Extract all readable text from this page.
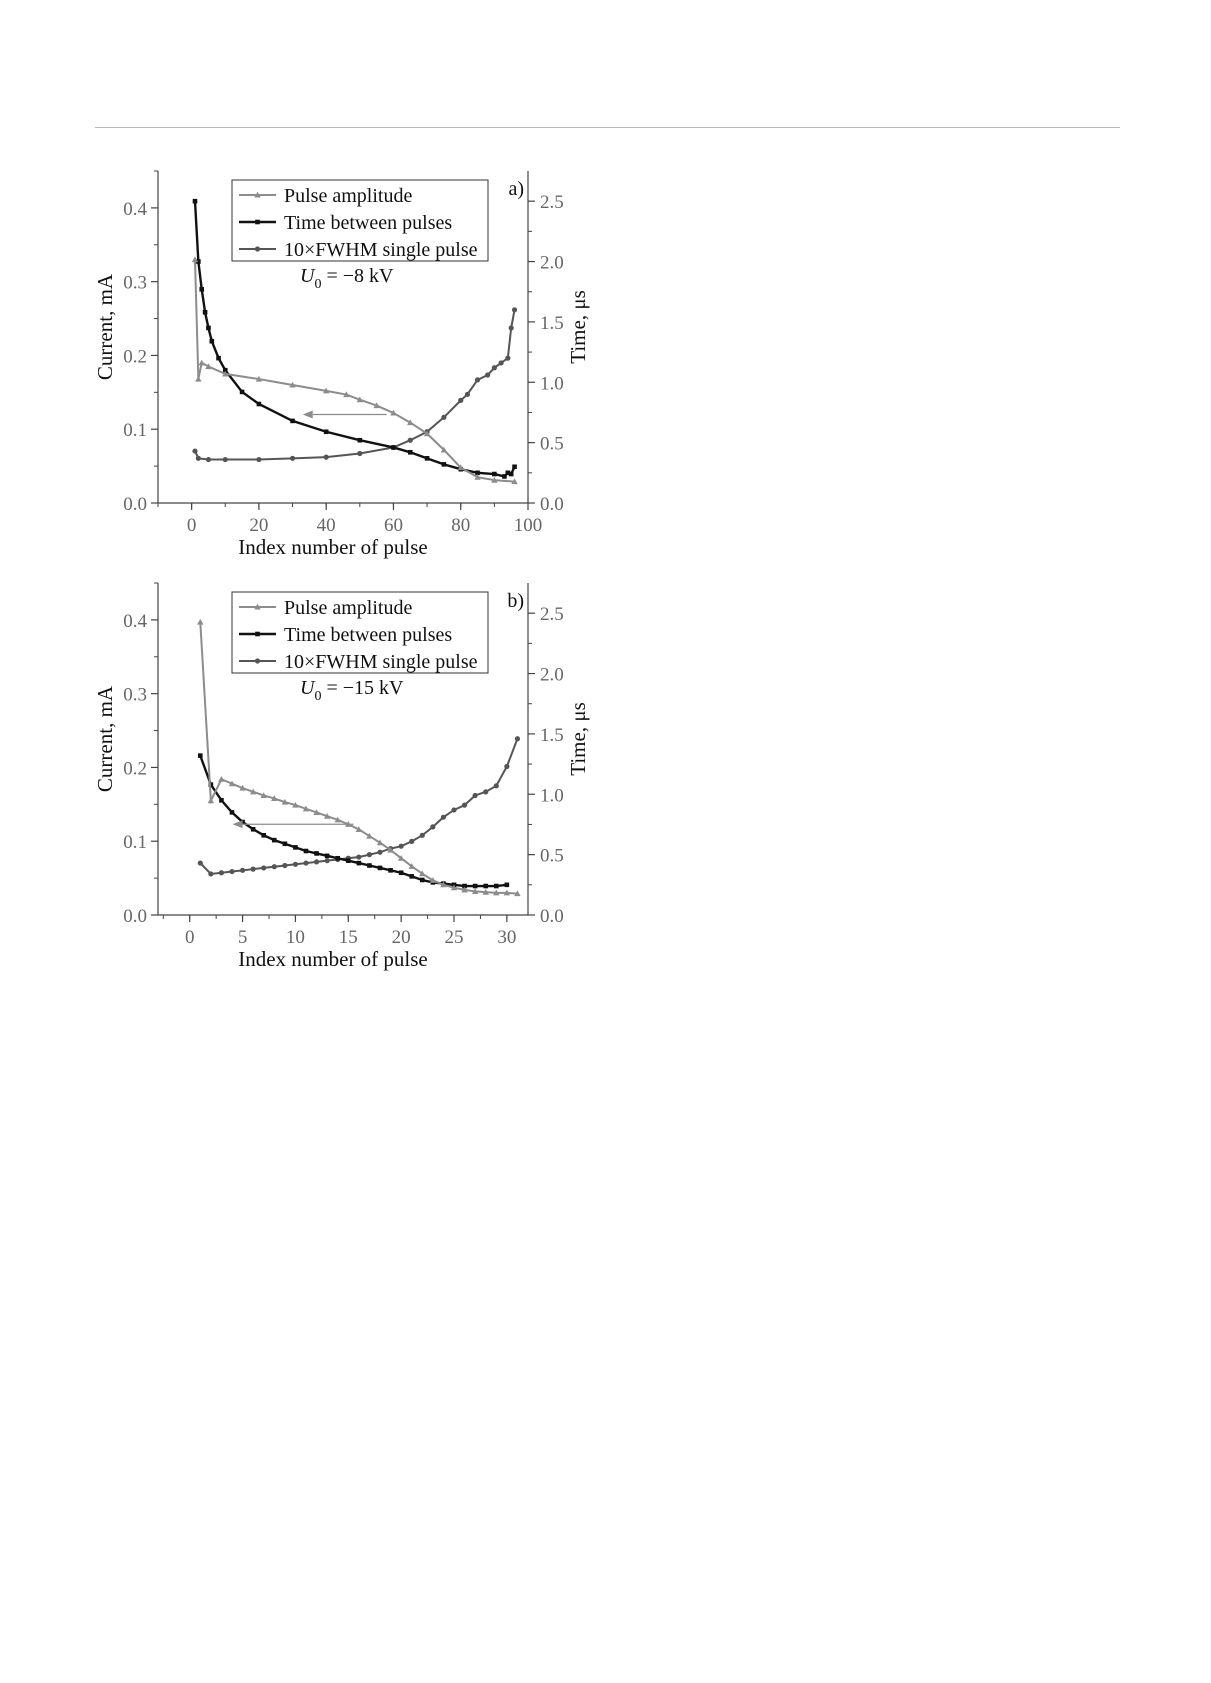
0	20	40	60	80 100
0.0
0.1
0.2
0.3
0.4
0.0
0.5
1.0
1.5
2.0
2.5
Index number of pulse
Current, mA	Time, μs
Pulse amplitude
Time between pulses
10×FWHM single pulse
a)
$U_0 = -8$ kV
0 5 10 15 20 25 30
0.0
0.1
0.2
0.3
0.4
0.0
0.5
1.0
1.5
2.0
2.5
Index number of pulse
Current, mA	Time, μs
Pulse amplitude
Time between pulses
10×FWHM single pulse
b)
$U_0 = -15$ kV
